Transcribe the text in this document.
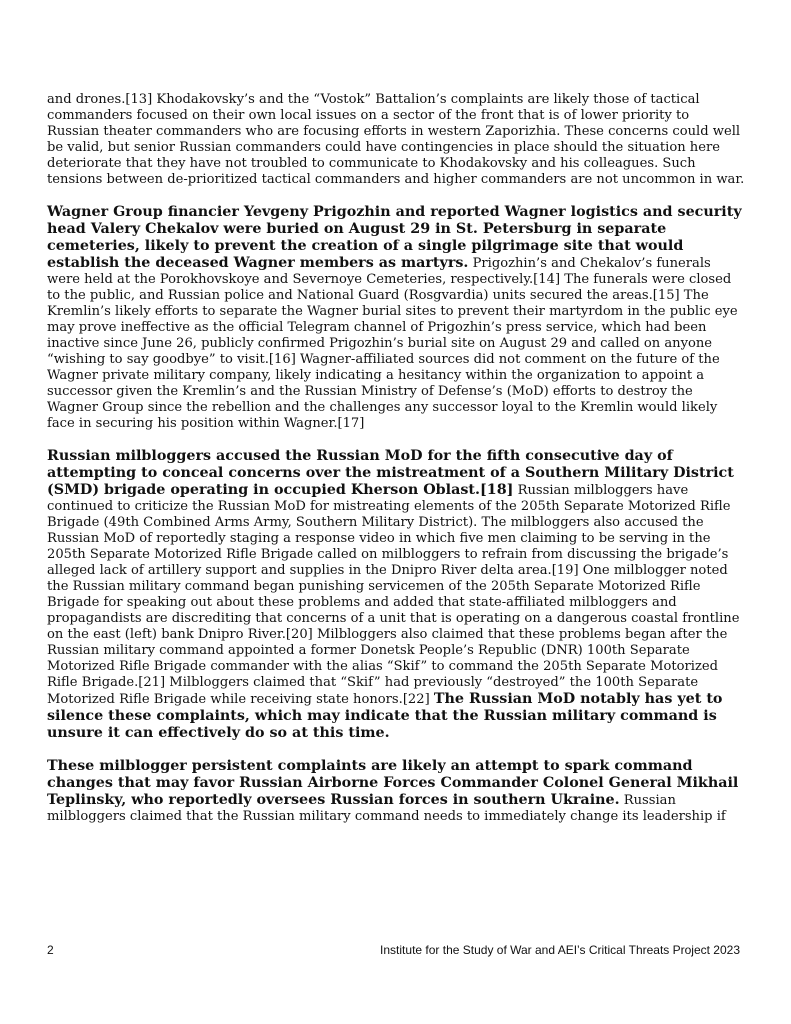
and drones.[13] Khodakovsky’s and the “Vostok” Battalion’s complaints are likely those of tactical commanders focused on their own local issues on a sector of the front that is of lower priority to Russian theater commanders who are focusing efforts in western Zaporizhia. These concerns could well be valid, but senior Russian commanders could have contingencies in place should the situation here deteriorate that they have not troubled to communicate to Khodakovsky and his colleagues. Such tensions between de-prioritized tactical commanders and higher commanders are not uncommon in war.

Wagner Group financier Yevgeny Prigozhin and reported Wagner logistics and security head Valery Chekalov were buried on August 29 in St. Petersburg in separate cemeteries, likely to prevent the creation of a single pilgrimage site that would establish the deceased Wagner members as martyrs. Prigozhin’s and Chekalov’s funerals were held at the Porokhovskoye and Severnoye Cemeteries, respectively.[14] The funerals were closed to the public, and Russian police and National Guard (Rosgvardia) units secured the areas.[15] The Kremlin’s likely efforts to separate the Wagner burial sites to prevent their martyrdom in the public eye may prove ineffective as the official Telegram channel of Prigozhin’s press service, which had been inactive since June 26, publicly confirmed Prigozhin’s burial site on August 29 and called on anyone “wishing to say goodbye” to visit.[16] Wagner-affiliated sources did not comment on the future of the Wagner private military company, likely indicating a hesitancy within the organization to appoint a successor given the Kremlin’s and the Russian Ministry of Defense’s (MoD) efforts to destroy the Wagner Group since the rebellion and the challenges any successor loyal to the Kremlin would likely face in securing his position within Wagner.[17]

Russian milbloggers accused the Russian MoD for the fifth consecutive day of attempting to conceal concerns over the mistreatment of a Southern Military District (SMD) brigade operating in occupied Kherson Oblast.[18] Russian milbloggers have continued to criticize the Russian MoD for mistreating elements of the 205th Separate Motorized Rifle Brigade (49th Combined Arms Army, Southern Military District). The milbloggers also accused the Russian MoD of reportedly staging a response video in which five men claiming to be serving in the 205th Separate Motorized Rifle Brigade called on milbloggers to refrain from discussing the brigade’s alleged lack of artillery support and supplies in the Dnipro River delta area.[19] One milblogger noted the Russian military command began punishing servicemen of the 205th Separate Motorized Rifle Brigade for speaking out about these problems and added that state-affiliated milbloggers and propagandists are discrediting that concerns of a unit that is operating on a dangerous coastal frontline on the east (left) bank Dnipro River.[20] Milbloggers also claimed that these problems began after the Russian military command appointed a former Donetsk People’s Republic (DNR) 100th Separate Motorized Rifle Brigade commander with the alias “Skif” to command the 205th Separate Motorized Rifle Brigade.[21] Milbloggers claimed that “Skif” had previously “destroyed” the 100th Separate Motorized Rifle Brigade while receiving state honors.[22] The Russian MoD notably has yet to silence these complaints, which may indicate that the Russian military command is unsure it can effectively do so at this time.

These milblogger persistent complaints are likely an attempt to spark command changes that may favor Russian Airborne Forces Commander Colonel General Mikhail Teplinsky, who reportedly oversees Russian forces in southern Ukraine. Russian milbloggers claimed that the Russian military command needs to immediately change its leadership if

2	Institute for the Study of War and AEI’s Critical Threats Project 2023
